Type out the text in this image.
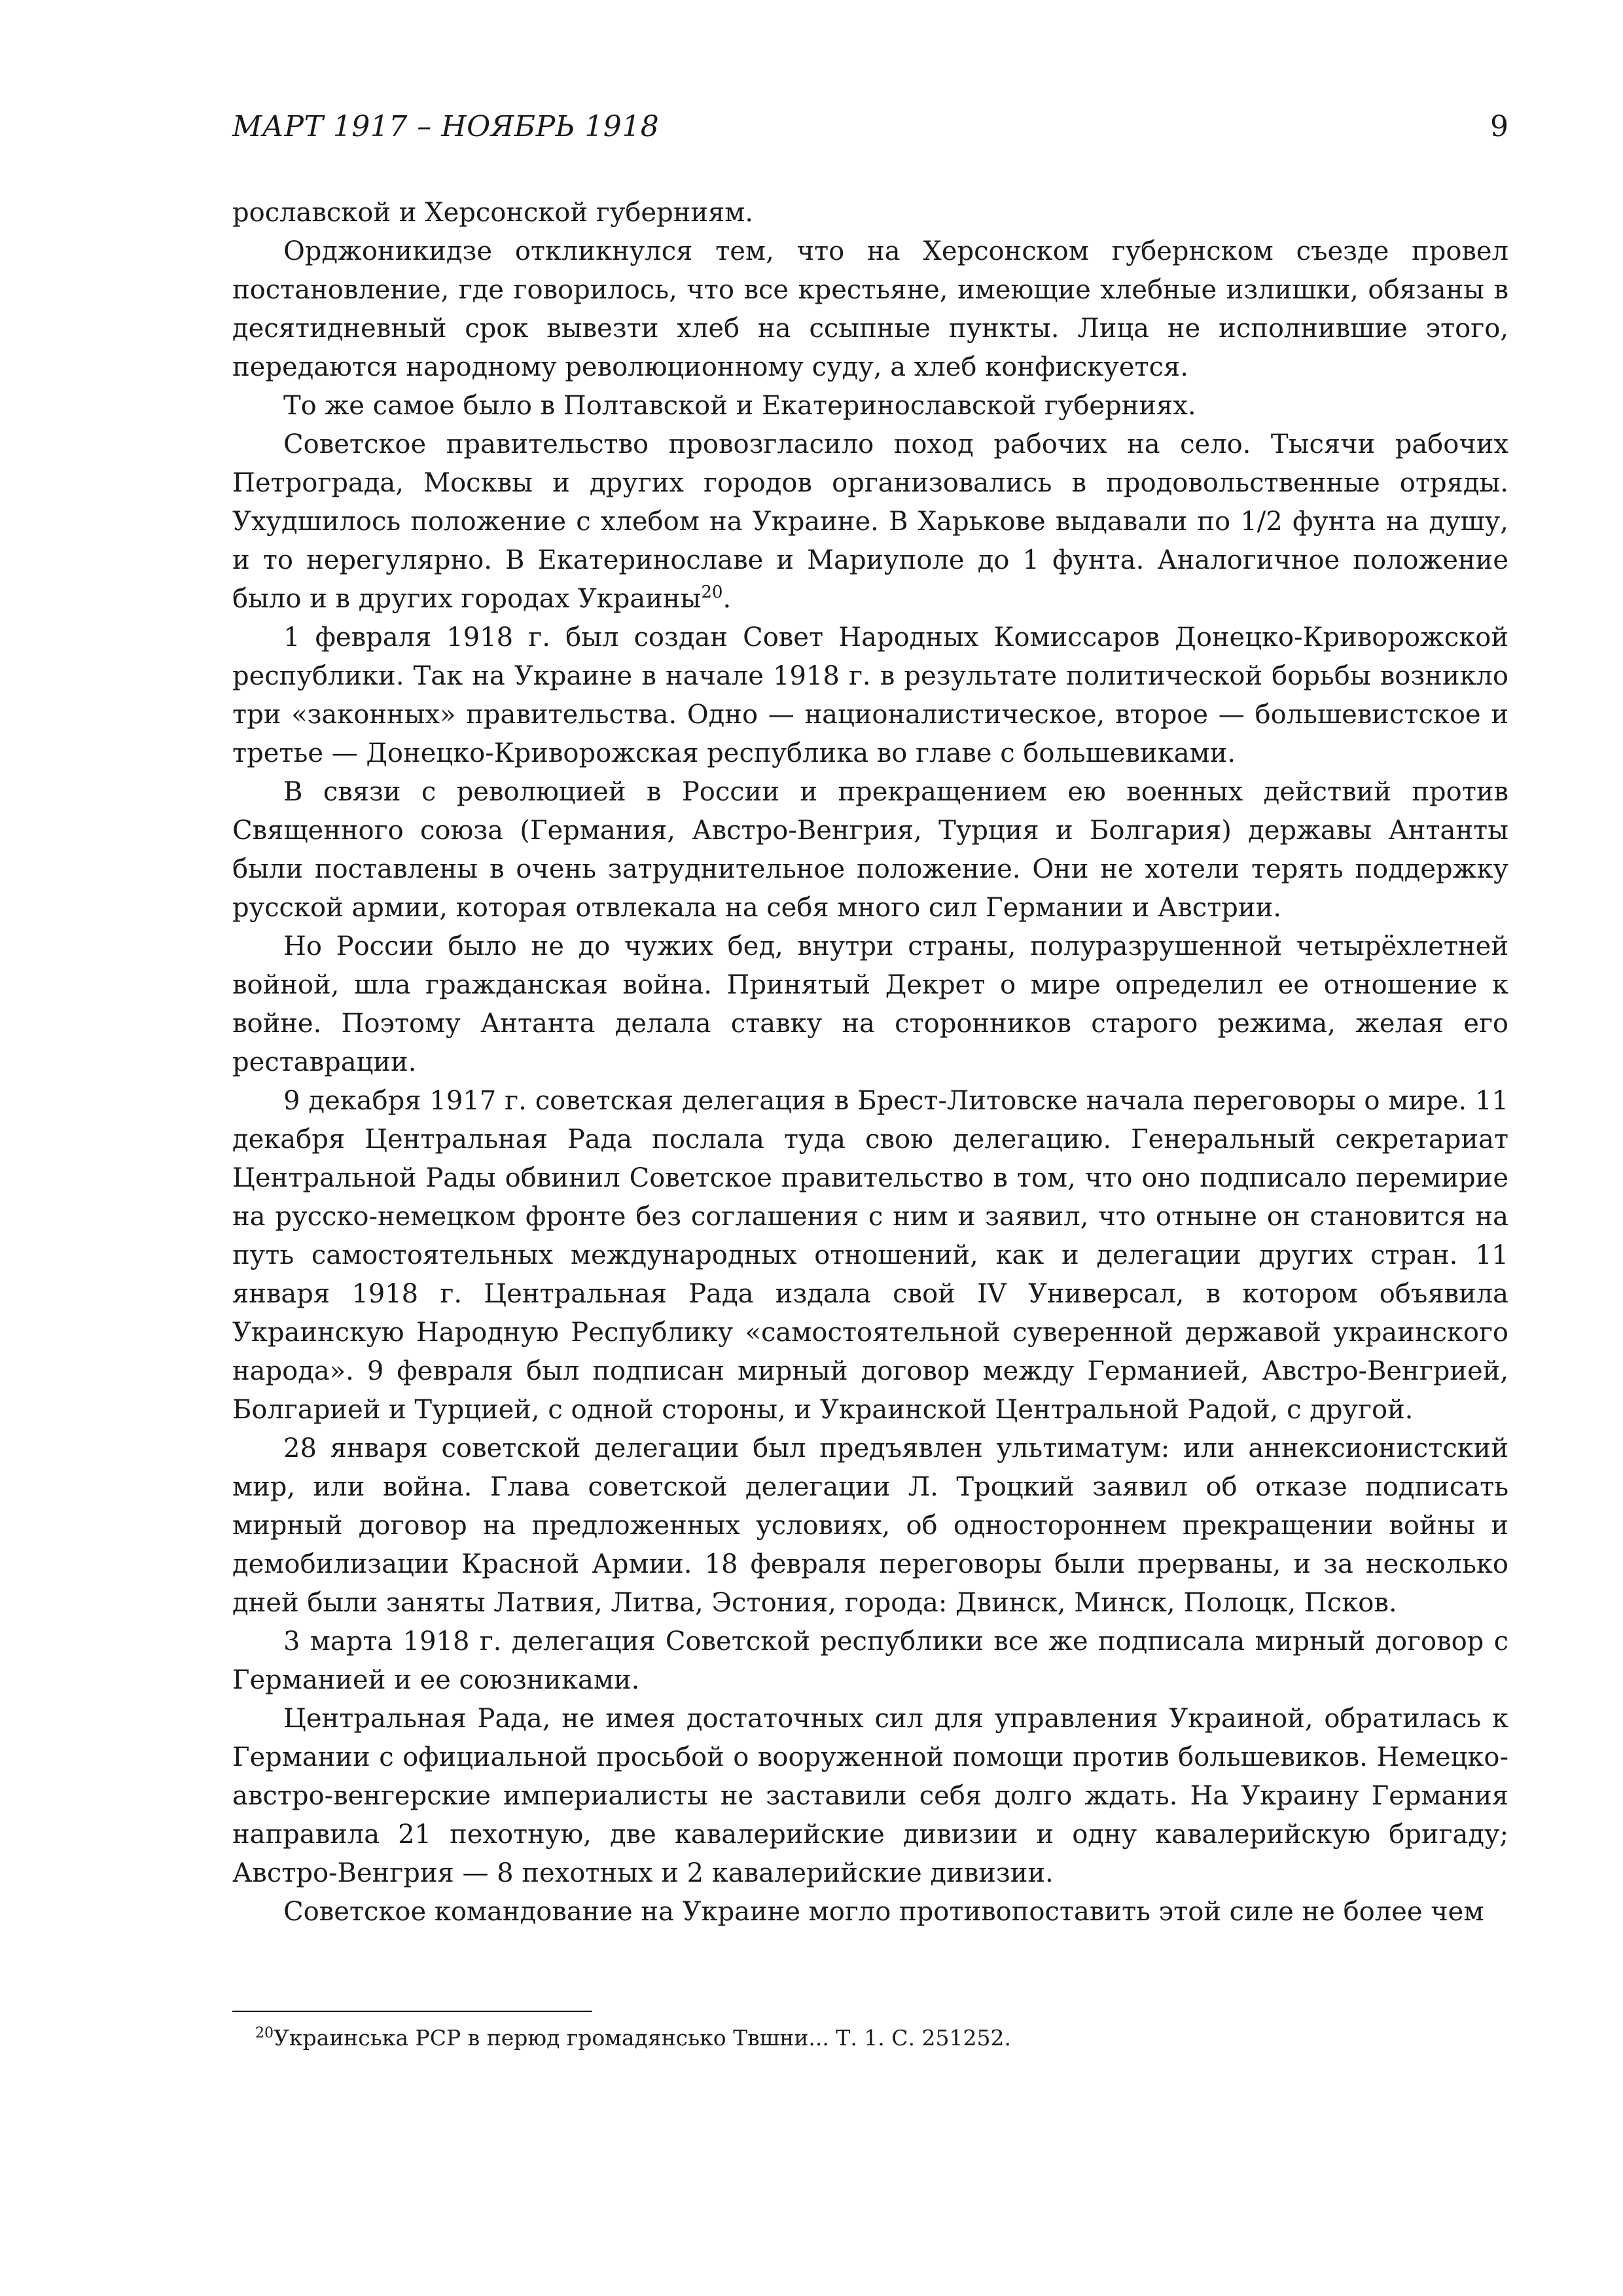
МАРТ 1917 – НОЯБРЬ 1918	9

рославской и Херсонской губерниям.

Орджоникидзе откликнулся тем, что на Херсонском губернском съезде провел постановление, где говорилось, что все крестьяне, имеющие хлебные излишки, обязаны в десятидневный срок вывезти хлеб на ссыпные пункты. Лица не исполнившие этого, передаются народному революционному суду, а хлеб конфискуется.

То же самое было в Полтавской и Екатеринославской губерниях.

Советское правительство провозгласило поход рабочих на село. Тысячи рабочих Петрограда, Москвы и других городов организовались в продовольственные отряды. Ухудшилось положение с хлебом на Украине. В Харькове выдавали по 1/2 фунта на душу, и то нерегулярно. В Екатеринославе и Мариуполе до 1 фунта. Аналогичное положение было и в других городах Украины$^{20}$.

1 февраля 1918 г. был создан Совет Народных Комиссаров Донецко-Криворожской республики. Так на Украине в начале 1918 г. в результате политической борьбы возникло три «законных» правительства. Одно — националистическое, второе — большевистское и третье — Донецко-Криворожская республика во главе с большевиками.

В связи с революцией в России и прекращением ею военных действий против Священного союза (Германия, Австро-Венгрия, Турция и Болгария) державы Антанты были поставлены в очень затруднительное положение. Они не хотели терять поддержку русской армии, которая отвлекала на себя много сил Германии и Австрии.

Но России было не до чужих бед, внутри страны, полуразрушенной четырёхлетней войной, шла гражданская война. Принятый Декрет о мире определил ее отношение к войне. Поэтому Антанта делала ставку на сторонников старого режима, желая его реставрации.

9 декабря 1917 г. советская делегация в Брест-Литовске начала переговоры о мире. 11 декабря Центральная Рада послала туда свою делегацию. Генеральный секретариат Центральной Рады обвинил Советское правительство в том, что оно подписало перемирие на русско-немецком фронте без соглашения с ним и заявил, что отныне он становится на путь самостоятельных международных отношений, как и делегации других стран. 11 января 1918 г. Центральная Рада издала свой IV Универсал, в котором объявила Украинскую Народную Республику «самостоятельной суверенной державой украинского народа». 9 февраля был подписан мирный договор между Германией, Австро-Венгрией, Болгарией и Турцией, с одной стороны, и Украинской Центральной Радой, с другой.

28 января советской делегации был предъявлен ультиматум: или аннексионистский мир, или война. Глава советской делегации Л. Троцкий заявил об отказе подписать мирный договор на предложенных условиях, об одностороннем прекращении войны и демобилизации Красной Армии. 18 февраля переговоры были прерваны, и за несколько дней были заняты Латвия, Литва, Эстония, города: Двинск, Минск, Полоцк, Псков.

3 марта 1918 г. делегация Советской республики все же подписала мирный договор с Германией и ее союзниками.

Центральная Рада, не имея достаточных сил для управления Украиной, обратилась к Германии с официальной просьбой о вооруженной помощи против большевиков. Немецко-австро-венгерские империалисты не заставили себя долго ждать. На Украину Германия направила 21 пехотную, две кавалерийские дивизии и одну кавалерийскую бригаду; Австро-Венгрия — 8 пехотных и 2 кавалерийские дивизии.

Советское командование на Украине могло противопоставить этой силе не более чем

$^{20}$Украинська РСР в перюд громадянсько Твшни... Т. 1. С. 251252.
